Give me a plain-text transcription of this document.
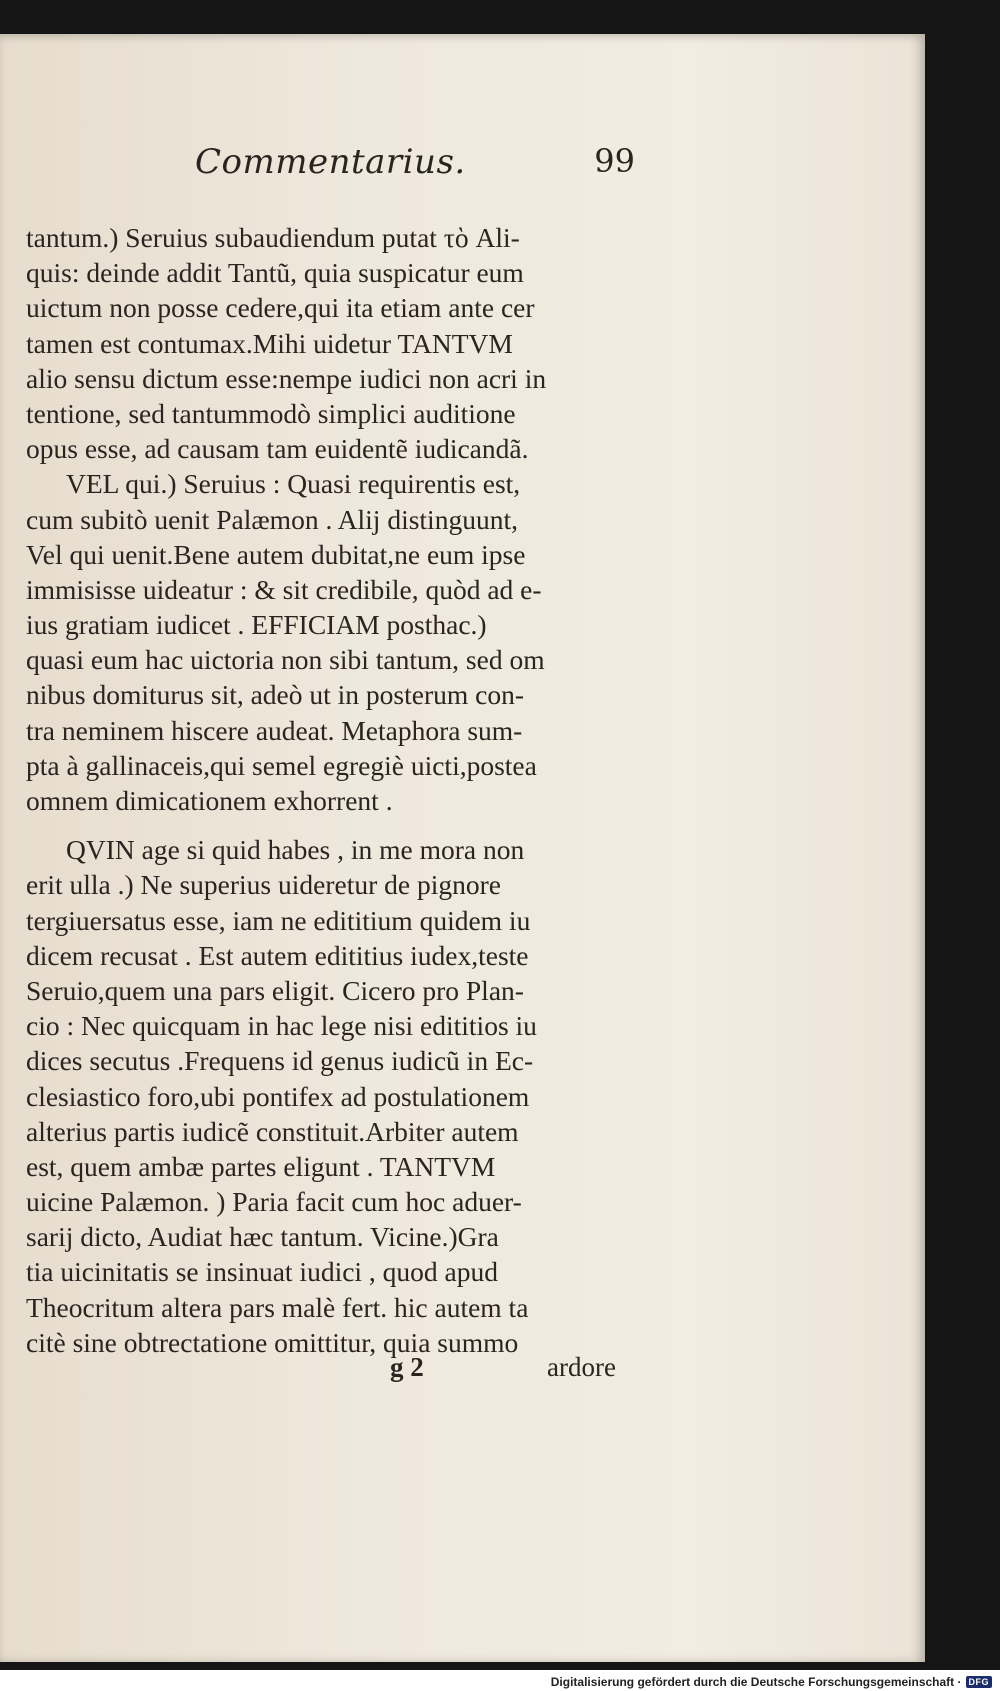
Commentarius.	99
tantum.) Seruius subaudiendum putat τὸ Ali-
quis: deinde addit Tantũ, quia suspicatur eum
uictum non posse cedere,qui ita etiam ante cer
tamen est contumax.Mihi uidetur TANTVM
alio sensu dictum esse:nempe iudici non acri in
tentione, sed tantummodò simplici auditione
opus esse, ad causam tam euidentẽ iudicandã.
VEL qui.) Seruius : Quasi requirentis est,
cum subitò uenit Palæmon . Alij distinguunt,
Vel qui uenit.Bene autem dubitat,ne eum ipse
immisisse uideatur : & sit credibile, quòd ad e-
ius gratiam iudicet . EFFICIAM posthac.)
quasi eum hac uictoria non sibi tantum, sed om
nibus domiturus sit, adeò ut in posterum con-
tra neminem hiscere audeat. Metaphora sum-
pta à gallinaceis,qui semel egregiè uicti,postea
omnem dimicationem exhorrent .
QVIN age si quid habes , in me mora non
erit ulla .) Ne superius uideretur de pignore
tergiuersatus esse, iam ne edititium quidem iu
dicem recusat . Est autem edititius iudex,teste
Seruio,quem una pars eligit. Cicero pro Plan-
cio : Nec quicquam in hac lege nisi edititios iu
dices secutus .Frequens id genus iudicũ in Ec-
clesiastico foro,ubi pontifex ad postulationem
alterius partis iudicẽ constituit.Arbiter autem
est, quem ambæ partes eligunt . TANTVM
uicine Palæmon. ) Paria facit cum hoc aduer-
sarij dicto, Audiat hæc tantum. Vicine.)Gra
tia uicinitatis se insinuat iudici , quod apud
Theocritum altera pars malè fert. hic autem ta
citè sine obtrectatione omittitur, quia summo
g 2	ardore
Digitalisierung gefördert durch die Deutsche Forschungsgemeinschaft · DFG
